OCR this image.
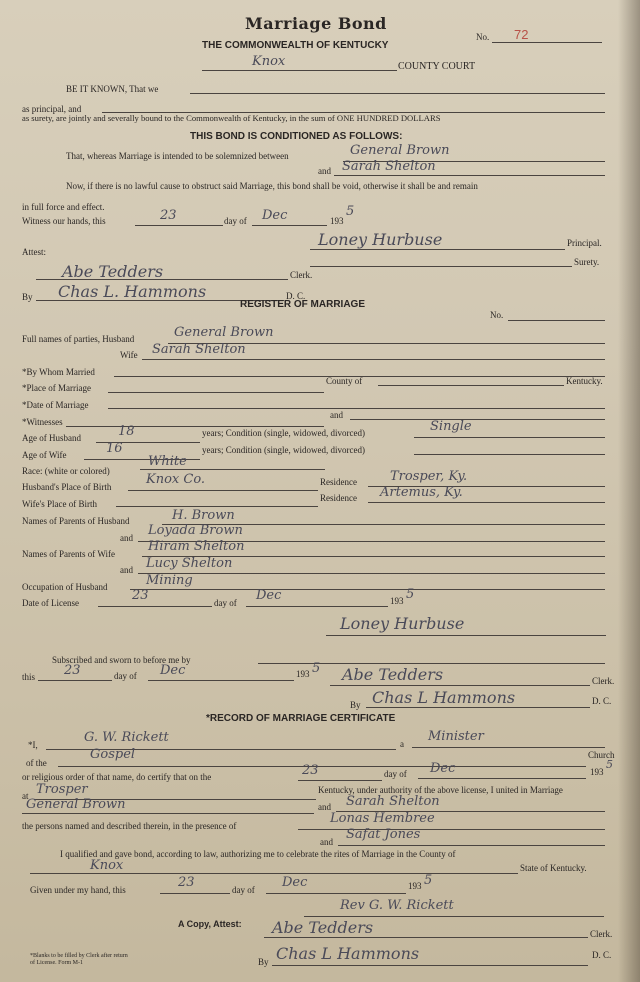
Marriage Bond
No. 72
THE COMMONWEALTH OF KENTUCKY
Knox	COUNTY COURT
BE IT KNOWN, That we
as principal, and
as surety, are jointly and severally bound to the Commonwealth of Kentucky, in the sum of ONE HUNDRED DOLLARS
THIS BOND IS CONDITIONED AS FOLLOWS:
That, whereas Marriage is intended to be solemnized between	General Brown
and Sarah Shelton
Now, if there is no lawful cause to obstruct said Marriage, this bond shall be void, otherwise it shall be and remain
in full force and effect.
Witness our hands, this	23	day of Dec	193
5
Attest:
Loney Hurbuse	Principal.
Surety.
Abe Tedders	Clerk.
By Chas L. Hammons	D. C.
REGISTER OF MARRIAGE
No.
Full names of parties, Husband	General Brown
Wife Sarah Shelton
*By Whom Married
*Place of Marriage
County of	Kentucky.
*Date of Marriage
*Witnesses
and
Age of Husband	18	years; Condition (single, widowed, divorced)	Single
Age of Wife	16	years; Condition (single, widowed, divorced)
Race: (white or colored)
White
Husband's Place of Birth	Knox Co.	Residence	Trosper, Ky.
Wife's Place of Birth
Residence Artemus, Ky.
Names of Parents of Husband	H. Brown
and Loyada Brown
Names of Parents of Wife	Hiram Shelton
and Lucy Shelton
Occupation of Husband	Mining
Date of License	23	day of Dec	193 5
Loney Hurbuse
Subscribed and sworn to before me by
this 23	day of Dec	193 5 Abe Tedders	Clerk.
By Chas L Hammons	D. C.
*RECORD OF MARRIAGE CERTIFICATE
*I,	G. W. Rickett	a Minister
of the
Gospel	Church
or religious order of that name, do certify that on the	23	day of Dec	193
5
at Trosper	Kentucky, under authority of the above license, I united in Marriage
General Brown	and Sarah Shelton
the persons named and described therein, in the presence of	Lonas Hembree
and Safat Jones
I qualified and gave bond, according to law, authorizing me to celebrate the rites of Marriage in the County of
Knox	State of Kentucky.
Given under my hand, this	23	day of Dec	193 5
Rev G. W. Rickett
A Copy, Attest: Abe Tedders	Clerk.
By Chas L Hammons	D. C.
*Blanks to be filled by Clerk after return of License. Form M-1
